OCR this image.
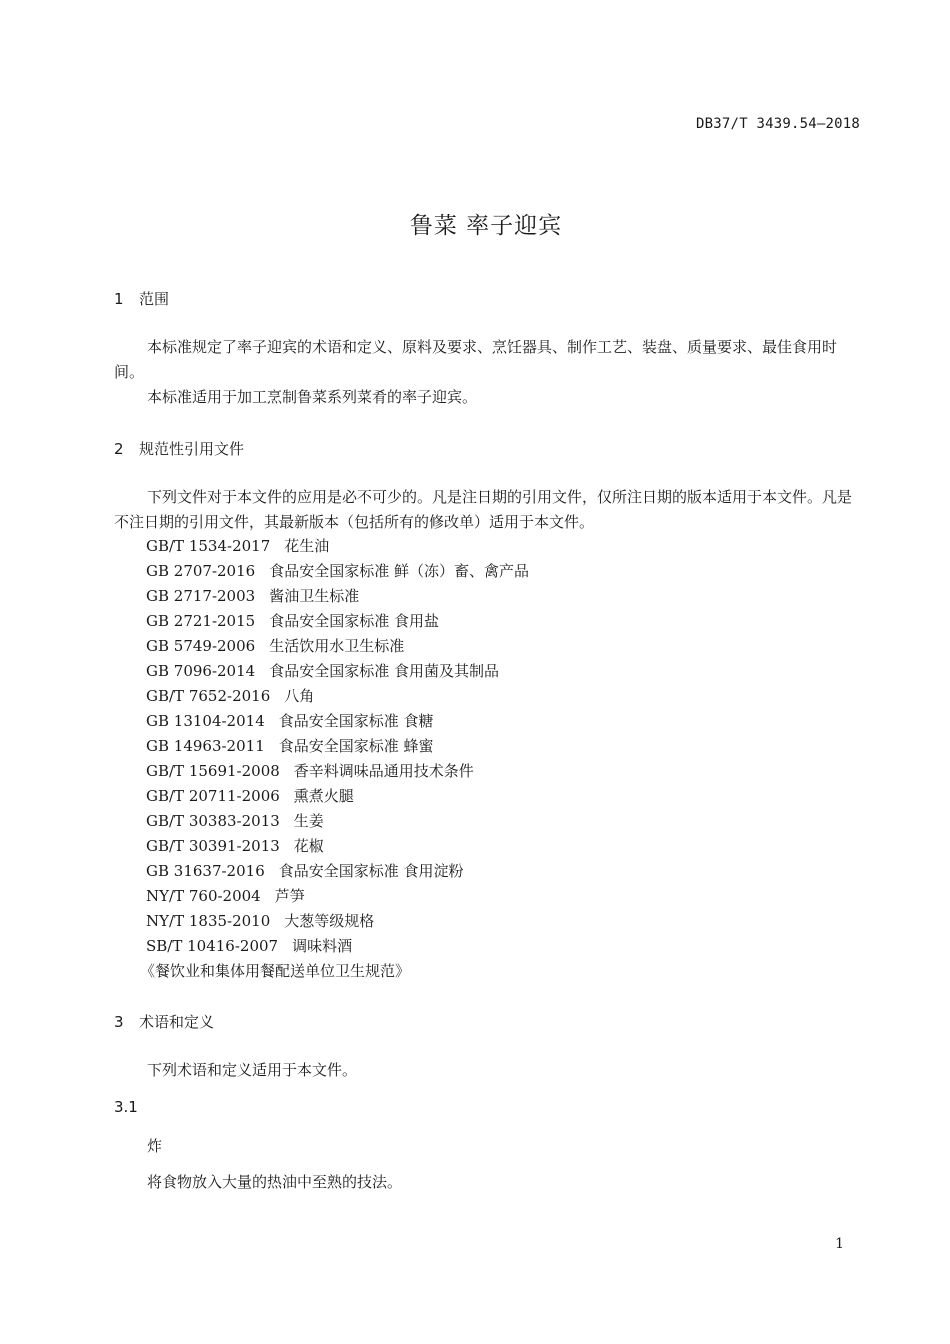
DB37/T 3439.54—2018
鲁菜 率子迎宾
1 范围
本标准规定了率子迎宾的术语和定义、原料及要求、烹饪器具、制作工艺、装盘、质量要求、最佳食用时间。
本标准适用于加工烹制鲁菜系列菜肴的率子迎宾。
2 规范性引用文件
下列文件对于本文件的应用是必不可少的。凡是注日期的引用文件，仅所注日期的版本适用于本文件。凡是不注日期的引用文件，其最新版本（包括所有的修改单）适用于本文件。
GB/T 1534-2017 花生油
GB 2707-2016 食品安全国家标准 鲜（冻）畜、禽产品
GB 2717-2003 酱油卫生标准
GB 2721-2015 食品安全国家标准 食用盐
GB 5749-2006 生活饮用水卫生标准
GB 7096-2014 食品安全国家标准 食用菌及其制品
GB/T 7652-2016 八角
GB 13104-2014 食品安全国家标准 食糖
GB 14963-2011 食品安全国家标准 蜂蜜
GB/T 15691-2008 香辛料调味品通用技术条件
GB/T 20711-2006 熏煮火腿
GB/T 30383-2013 生姜
GB/T 30391-2013 花椒
GB 31637-2016 食品安全国家标准 食用淀粉
NY/T 760-2004 芦笋
NY/T 1835-2010 大葱等级规格
SB/T 10416-2007 调味料酒
《餐饮业和集体用餐配送单位卫生规范》
3 术语和定义
下列术语和定义适用于本文件。
3.1
炸
将食物放入大量的热油中至熟的技法。
1
